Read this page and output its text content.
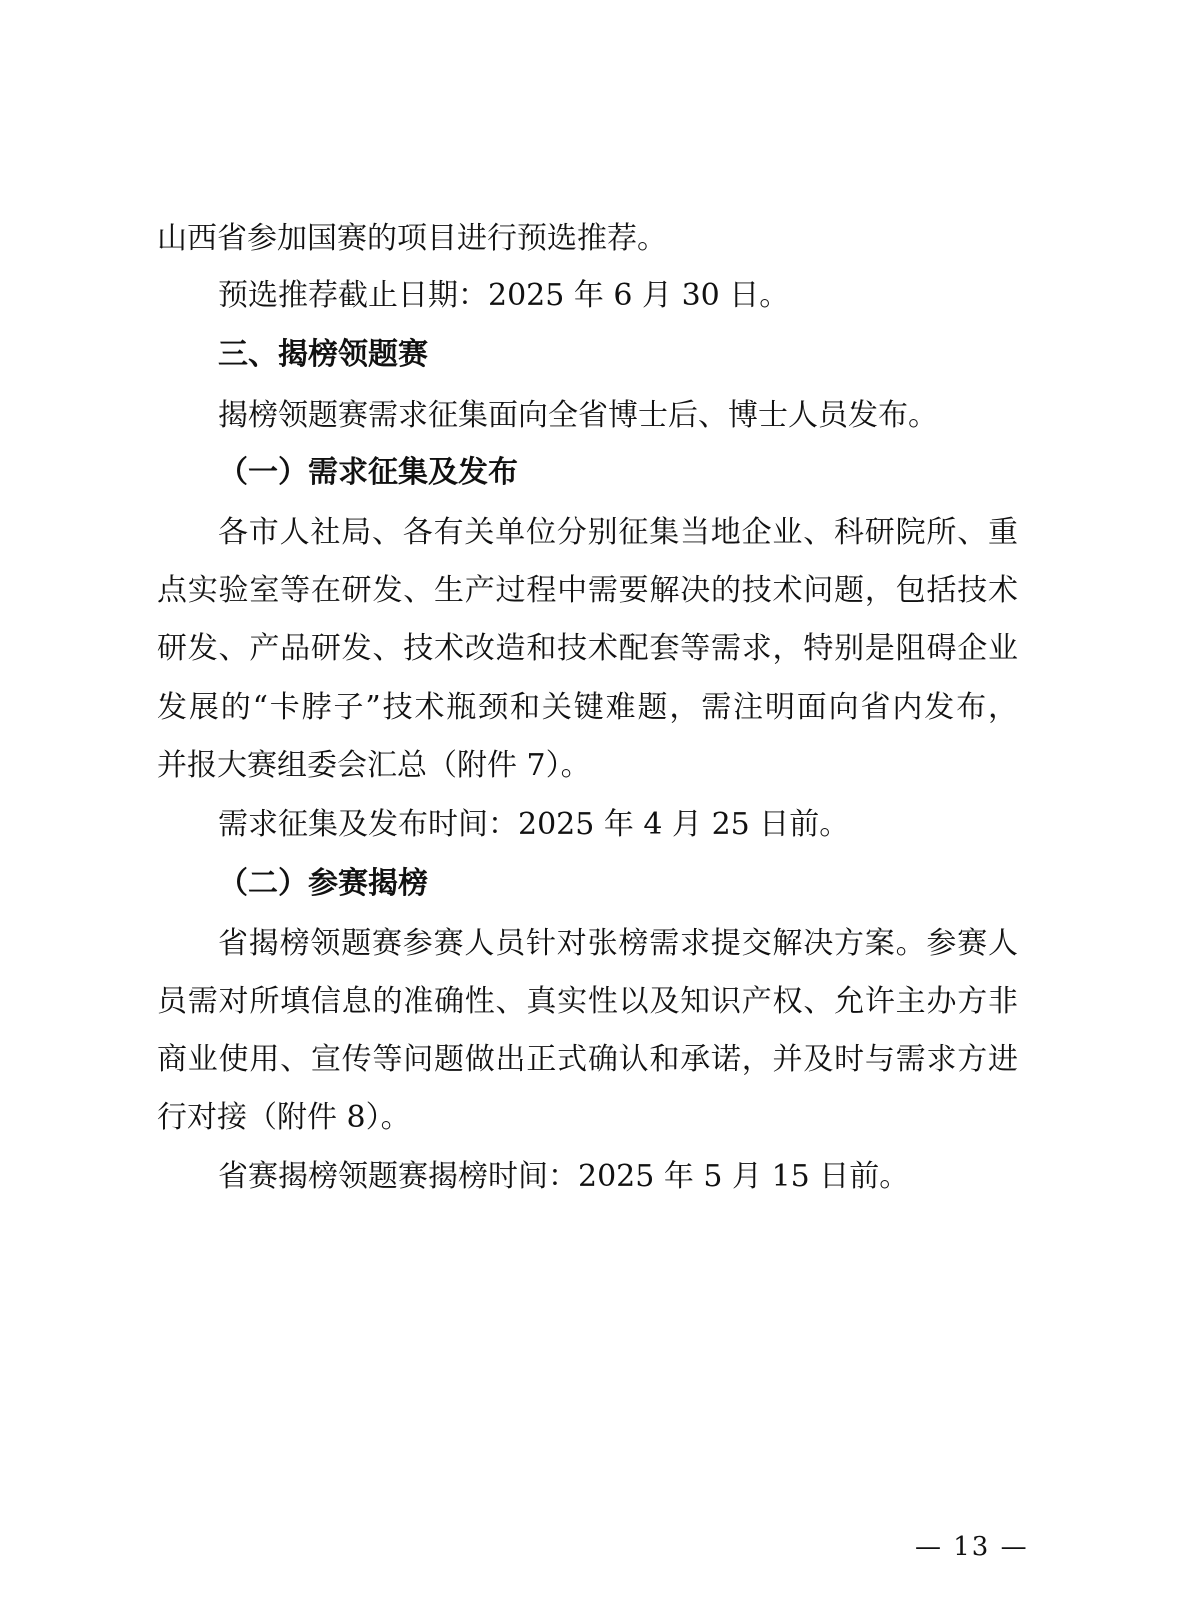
山西省参加国赛的项目进行预选推荐。
预选推荐截止日期：2025 年 6 月 30 日。
三、揭榜领题赛
揭榜领题赛需求征集面向全省博士后、博士人员发布。
（一）需求征集及发布
各市人社局、各有关单位分别征集当地企业、科研院所、重
点实验室等在研发、生产过程中需要解决的技术问题，包括技术
研发、产品研发、技术改造和技术配套等需求，特别是阻碍企业
发展的“卡脖子”技术瓶颈和关键难题，需注明面向省内发布，
并报大赛组委会汇总（附件 7）。
需求征集及发布时间：2025 年 4 月 25 日前。
（二）参赛揭榜
省揭榜领题赛参赛人员针对张榜需求提交解决方案。参赛人
员需对所填信息的准确性、真实性以及知识产权、允许主办方非
商业使用、宣传等问题做出正式确认和承诺，并及时与需求方进
行对接（附件 8）。
省赛揭榜领题赛揭榜时间：2025 年 5 月 15 日前。
— 13 —
